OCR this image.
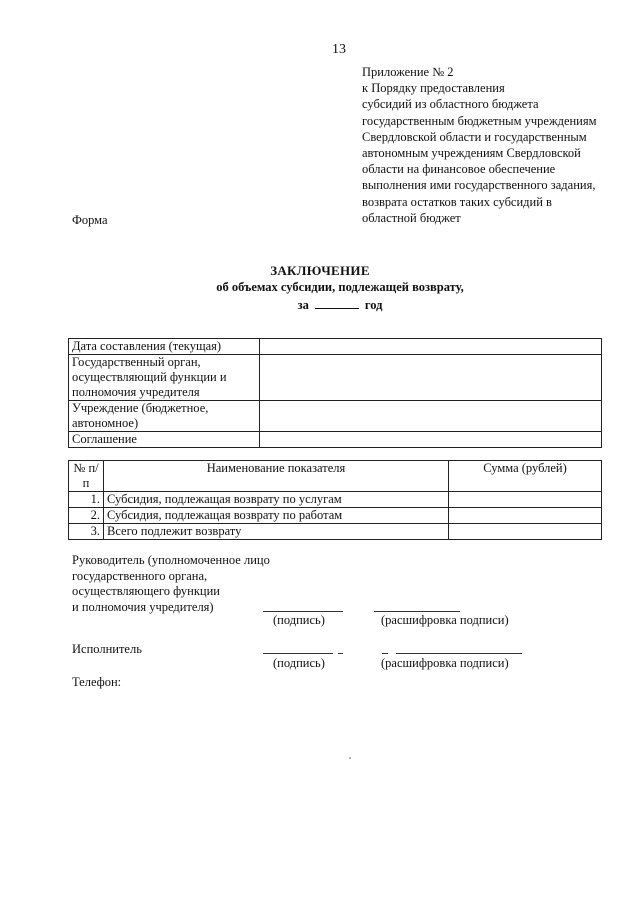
13
Приложение № 2
к Порядку предоставления
субсидий из областного бюджета
государственным бюджетным учреждениям
Свердловской области и государственным
автономным учреждениям Свердловской
области на финансовое обеспечение
выполнения ими государственного задания,
возврата остатков таких субсидий в
областной бюджет
Форма
ЗАКЛЮЧЕНИЕ
об объемах субсидии, подлежащей возврату,
за	год
Дата составления (текущая)	
Государственный орган, осуществляющий функции и полномочия учредителя	
Учреждение (бюджетное, автономное)	
Соглашение	
№ п/п	Наименование показателя	Сумма (рублей)
1.	Субсидия, подлежащая возврату по услугам	
2.	Субсидия, подлежащая возврату по работам	
3.	Всего подлежит возврату	
Руководитель (уполномоченное лицо
государственного органа,
осуществляющего функции
и полномочия учредителя)
(подпись)	(расшифровка подписи)
Исполнитель
(подпись)	(расшифровка подписи)
Телефон:
